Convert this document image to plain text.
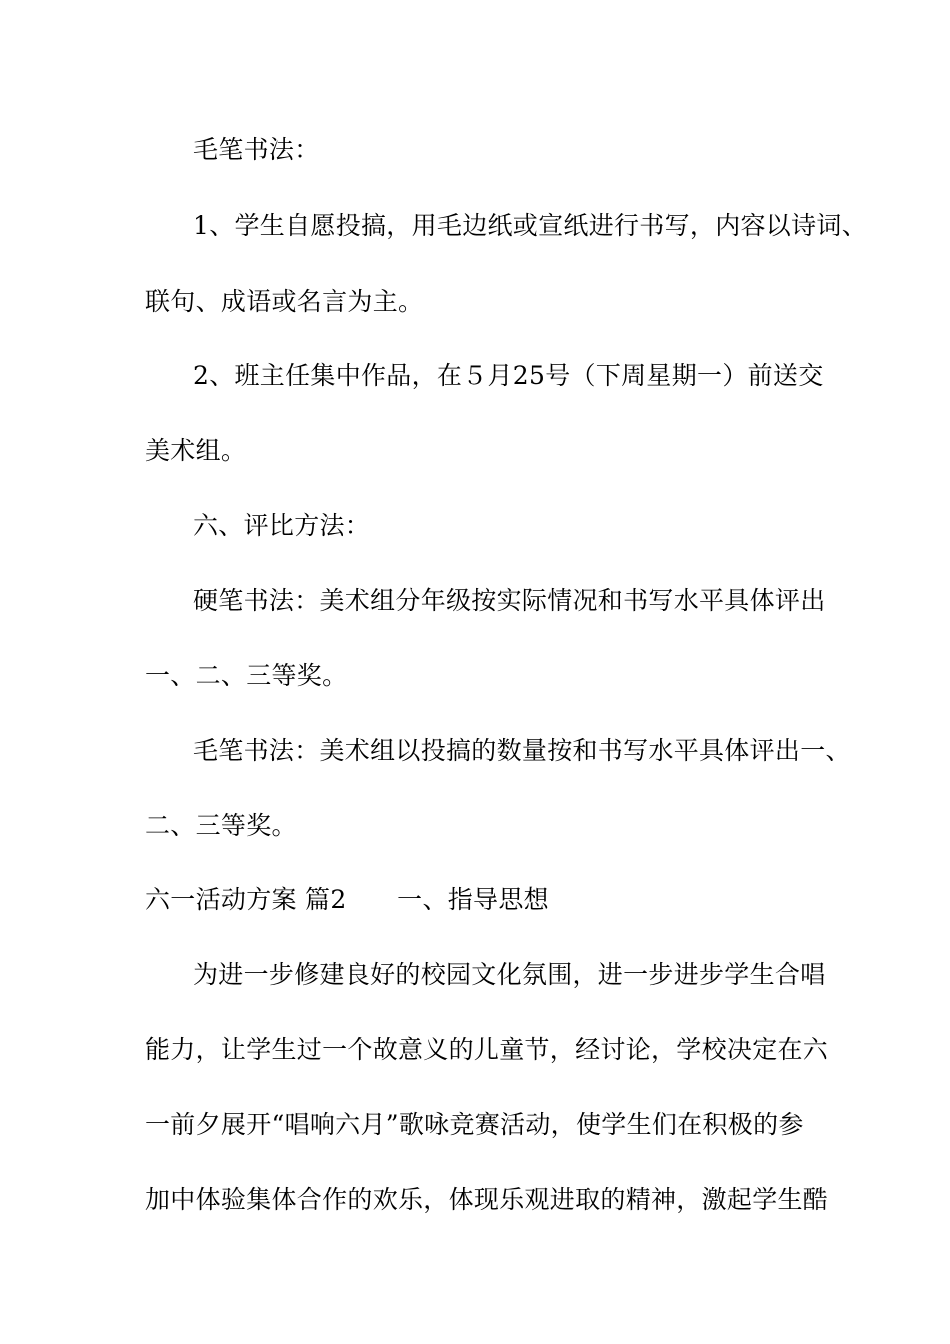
毛笔书法：

1、学生自愿投搞，用毛边纸或宣纸进行书写，内容以诗词、

联句、成语或名言为主。

2、班主任集中作品，在５月25号（下周星期一）前送交

美术组。

六、评比方法：

硬笔书法：美术组分年级按实际情况和书写水平具体评出

一、二、三等奖。

毛笔书法：美术组以投搞的数量按和书写水平具体评出一、

二、三等奖。

六一活动方案 篇2　　一、指导思想

为进一步修建良好的校园文化氛围，进一步进步学生合唱

能力，让学生过一个故意义的儿童节，经讨论，学校决定在六

一前夕展开“唱响六月”歌咏竞赛活动，使学生们在积极的参

加中体验集体合作的欢乐，体现乐观进取的精神，激起学生酷
